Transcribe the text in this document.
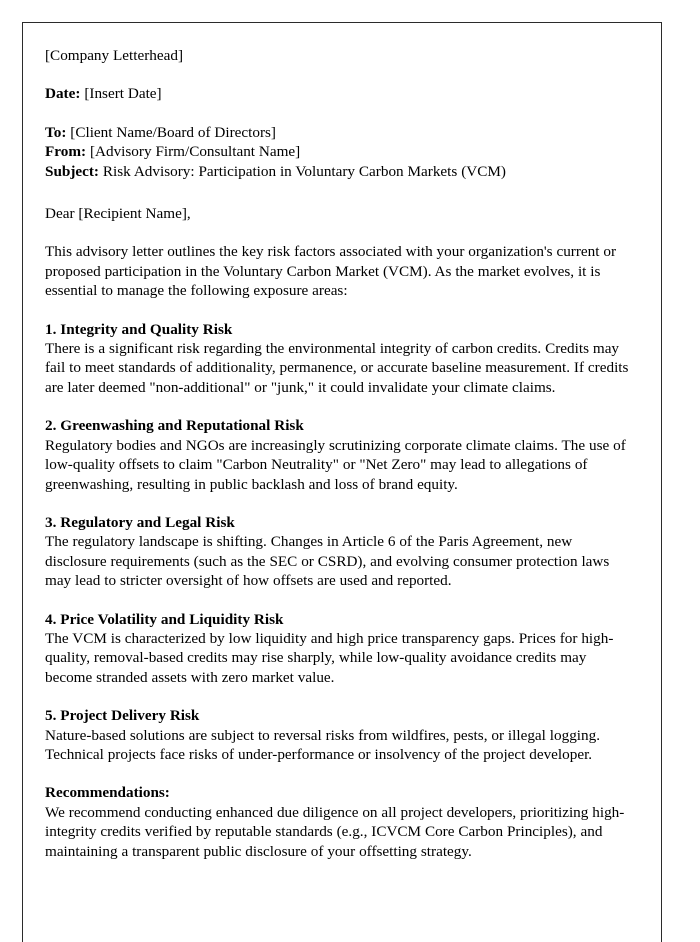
[Company Letterhead]

Date: [Insert Date]

To: [Client Name/Board of Directors]

From: [Advisory Firm/Consultant Name]

Subject: Risk Advisory: Participation in Voluntary Carbon Markets (VCM)

Dear [Recipient Name],

This advisory letter outlines the key risk factors associated with your organization's current or proposed participation in the Voluntary Carbon Market (VCM). As the market evolves, it is essential to manage the following exposure areas:

1. Integrity and Quality Risk

There is a significant risk regarding the environmental integrity of carbon credits. Credits may fail to meet standards of additionality, permanence, or accurate baseline measurement. If credits are later deemed "non-additional" or "junk," it could invalidate your climate claims.

2. Greenwashing and Reputational Risk

Regulatory bodies and NGOs are increasingly scrutinizing corporate climate claims. The use of low-quality offsets to claim "Carbon Neutrality" or "Net Zero" may lead to allegations of greenwashing, resulting in public backlash and loss of brand equity.

3. Regulatory and Legal Risk

The regulatory landscape is shifting. Changes in Article 6 of the Paris Agreement, new disclosure requirements (such as the SEC or CSRD), and evolving consumer protection laws may lead to stricter oversight of how offsets are used and reported.

4. Price Volatility and Liquidity Risk

The VCM is characterized by low liquidity and high price transparency gaps. Prices for high-quality, removal-based credits may rise sharply, while low-quality avoidance credits may become stranded assets with zero market value.

5. Project Delivery Risk

Nature-based solutions are subject to reversal risks from wildfires, pests, or illegal logging. Technical projects face risks of under-performance or insolvency of the project developer.

Recommendations:

We recommend conducting enhanced due diligence on all project developers, prioritizing high-integrity credits verified by reputable standards (e.g., ICVCM Core Carbon Principles), and maintaining a transparent public disclosure of your offsetting strategy.
